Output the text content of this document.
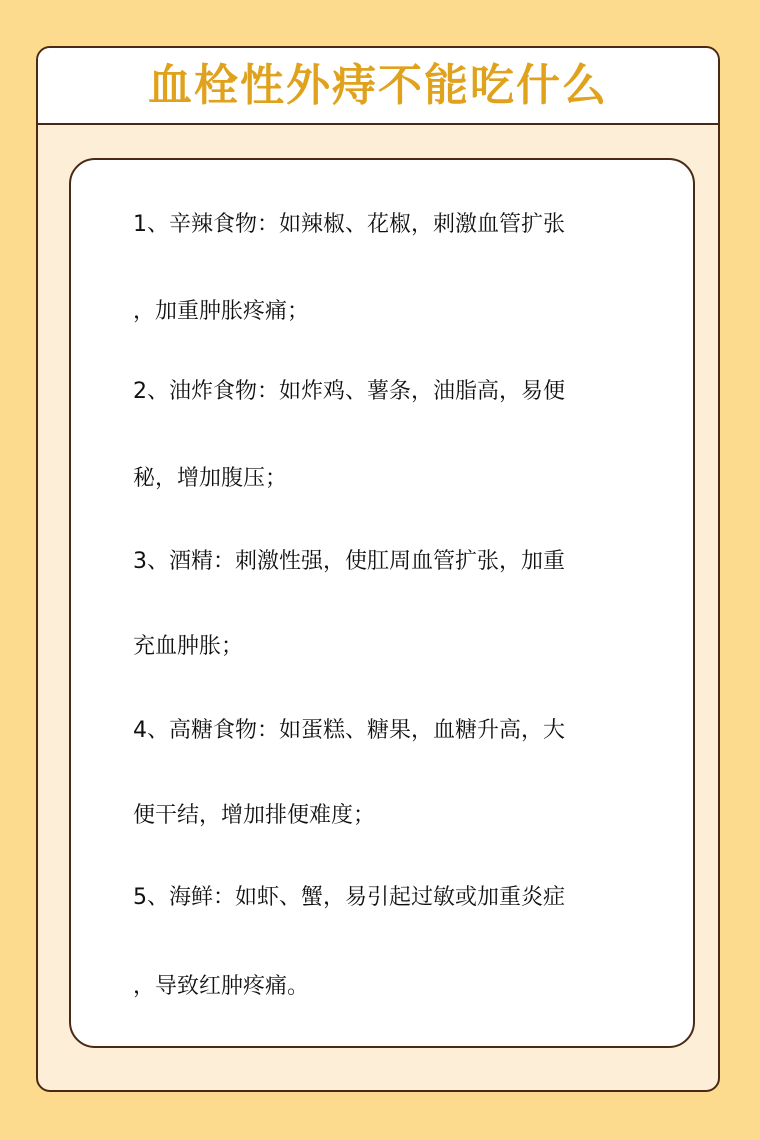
血栓性外痔不能吃什么
1、辛辣食物：如辣椒、花椒，刺激血管扩张
，加重肿胀疼痛；
2、油炸食物：如炸鸡、薯条，油脂高，易便
秘，增加腹压；
3、酒精：刺激性强，使肛周血管扩张，加重
充血肿胀；
4、高糖食物：如蛋糕、糖果，血糖升高，大
便干结，增加排便难度；
5、海鲜：如虾、蟹，易引起过敏或加重炎症
，导致红肿疼痛。
